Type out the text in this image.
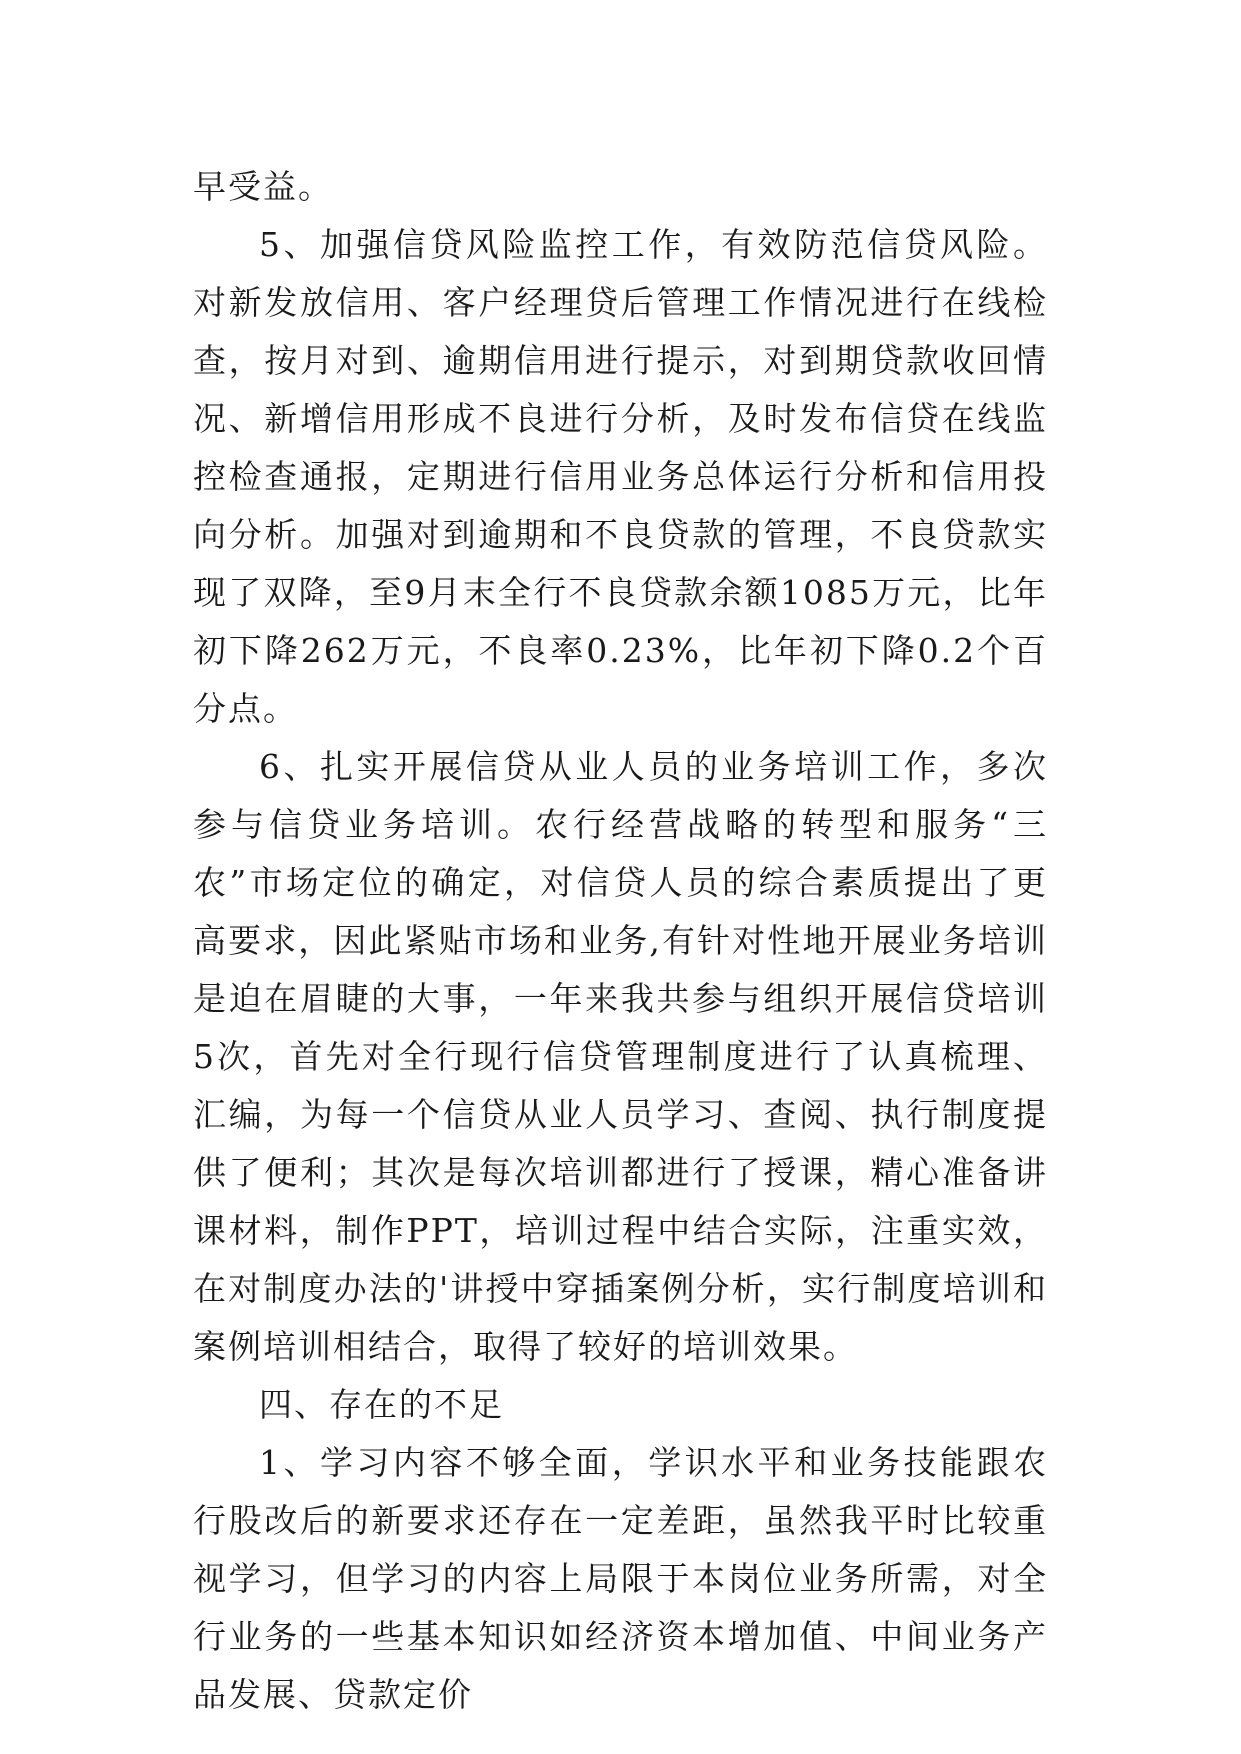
早受益。

5、加强信贷风险监控工作，有效防范信贷风险。对新发放信用、客户经理贷后管理工作情况进行在线检查，按月对到、逾期信用进行提示，对到期贷款收回情况、新增信用形成不良进行分析，及时发布信贷在线监控检查通报，定期进行信用业务总体运行分析和信用投向分析。加强对到逾期和不良贷款的管理，不良贷款实现了双降，至9月末全行不良贷款余额1085万元，比年初下降262万元，不良率0.23%，比年初下降0.2个百分点。

6、扎实开展信贷从业人员的业务培训工作，多次参与信贷业务培训。农行经营战略的转型和服务“三农”市场定位的确定，对信贷人员的综合素质提出了更高要求，因此紧贴市场和业务,有针对性地开展业务培训是迫在眉睫的大事，一年来我共参与组织开展信贷培训5次，首先对全行现行信贷管理制度进行了认真梳理、汇编，为每一个信贷从业人员学习、查阅、执行制度提供了便利；其次是每次培训都进行了授课，精心准备讲课材料，制作PPT，培训过程中结合实际，注重实效，在对制度办法的'讲授中穿插案例分析，实行制度培训和案例培训相结合，取得了较好的培训效果。

四、存在的不足

1、学习内容不够全面，学识水平和业务技能跟农行股改后的新要求还存在一定差距，虽然我平时比较重视学习，但学习的内容上局限于本岗位业务所需，对全行业务的一些基本知识如经济资本增加值、中间业务产品发展、贷款定价
